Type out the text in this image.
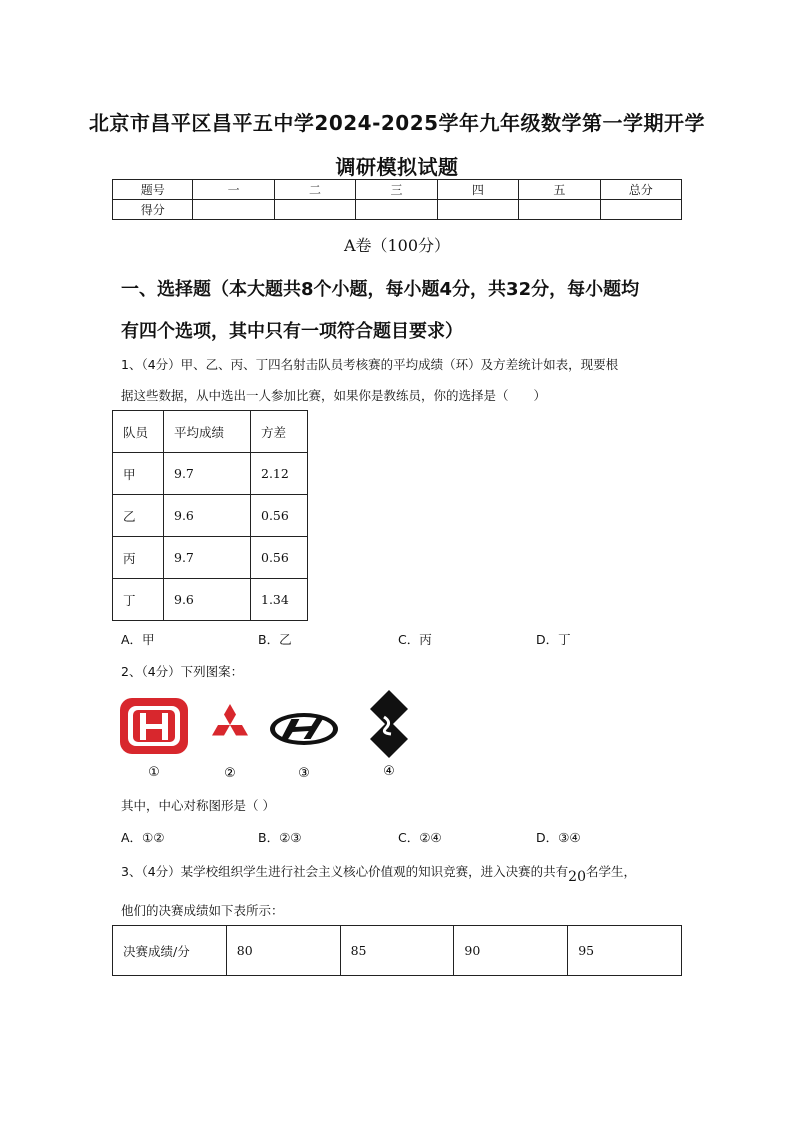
北京市昌平区昌平五中学2024-2025学年九年级数学第一学期开学
调研模拟试题
题号	一	二	三	四	五	总分
得分						
A卷（100分）
一、选择题（本大题共8个小题，每小题4分，共32分，每小题均
有四个选项，其中只有一项符合题目要求）
1、（4分）甲、乙、丙、丁四名射击队员考核赛的平均成绩（环）及方差统计如表，现要根
据这些数据，从中选出一人参加比赛，如果你是教练员，你的选择是（　　）
队员	平均成绩	方差
甲	9.7	2.12
乙	9.6	0.56
丙	9.7	0.56
丁	9.6	1.34
A．甲	B．乙	C．丙	D．丁
2、（4分）下列图案：
①	②	③	④
其中，中心对称图形是（ ）
A．①②	B．②③	C．②④	D．③④
3、（4分）某学校组织学生进行社会主义核心价值观的知识竞赛，进入决赛的共有20名学生，
他们的决赛成绩如下表所示：
决赛成绩/分	80	85	90	95
